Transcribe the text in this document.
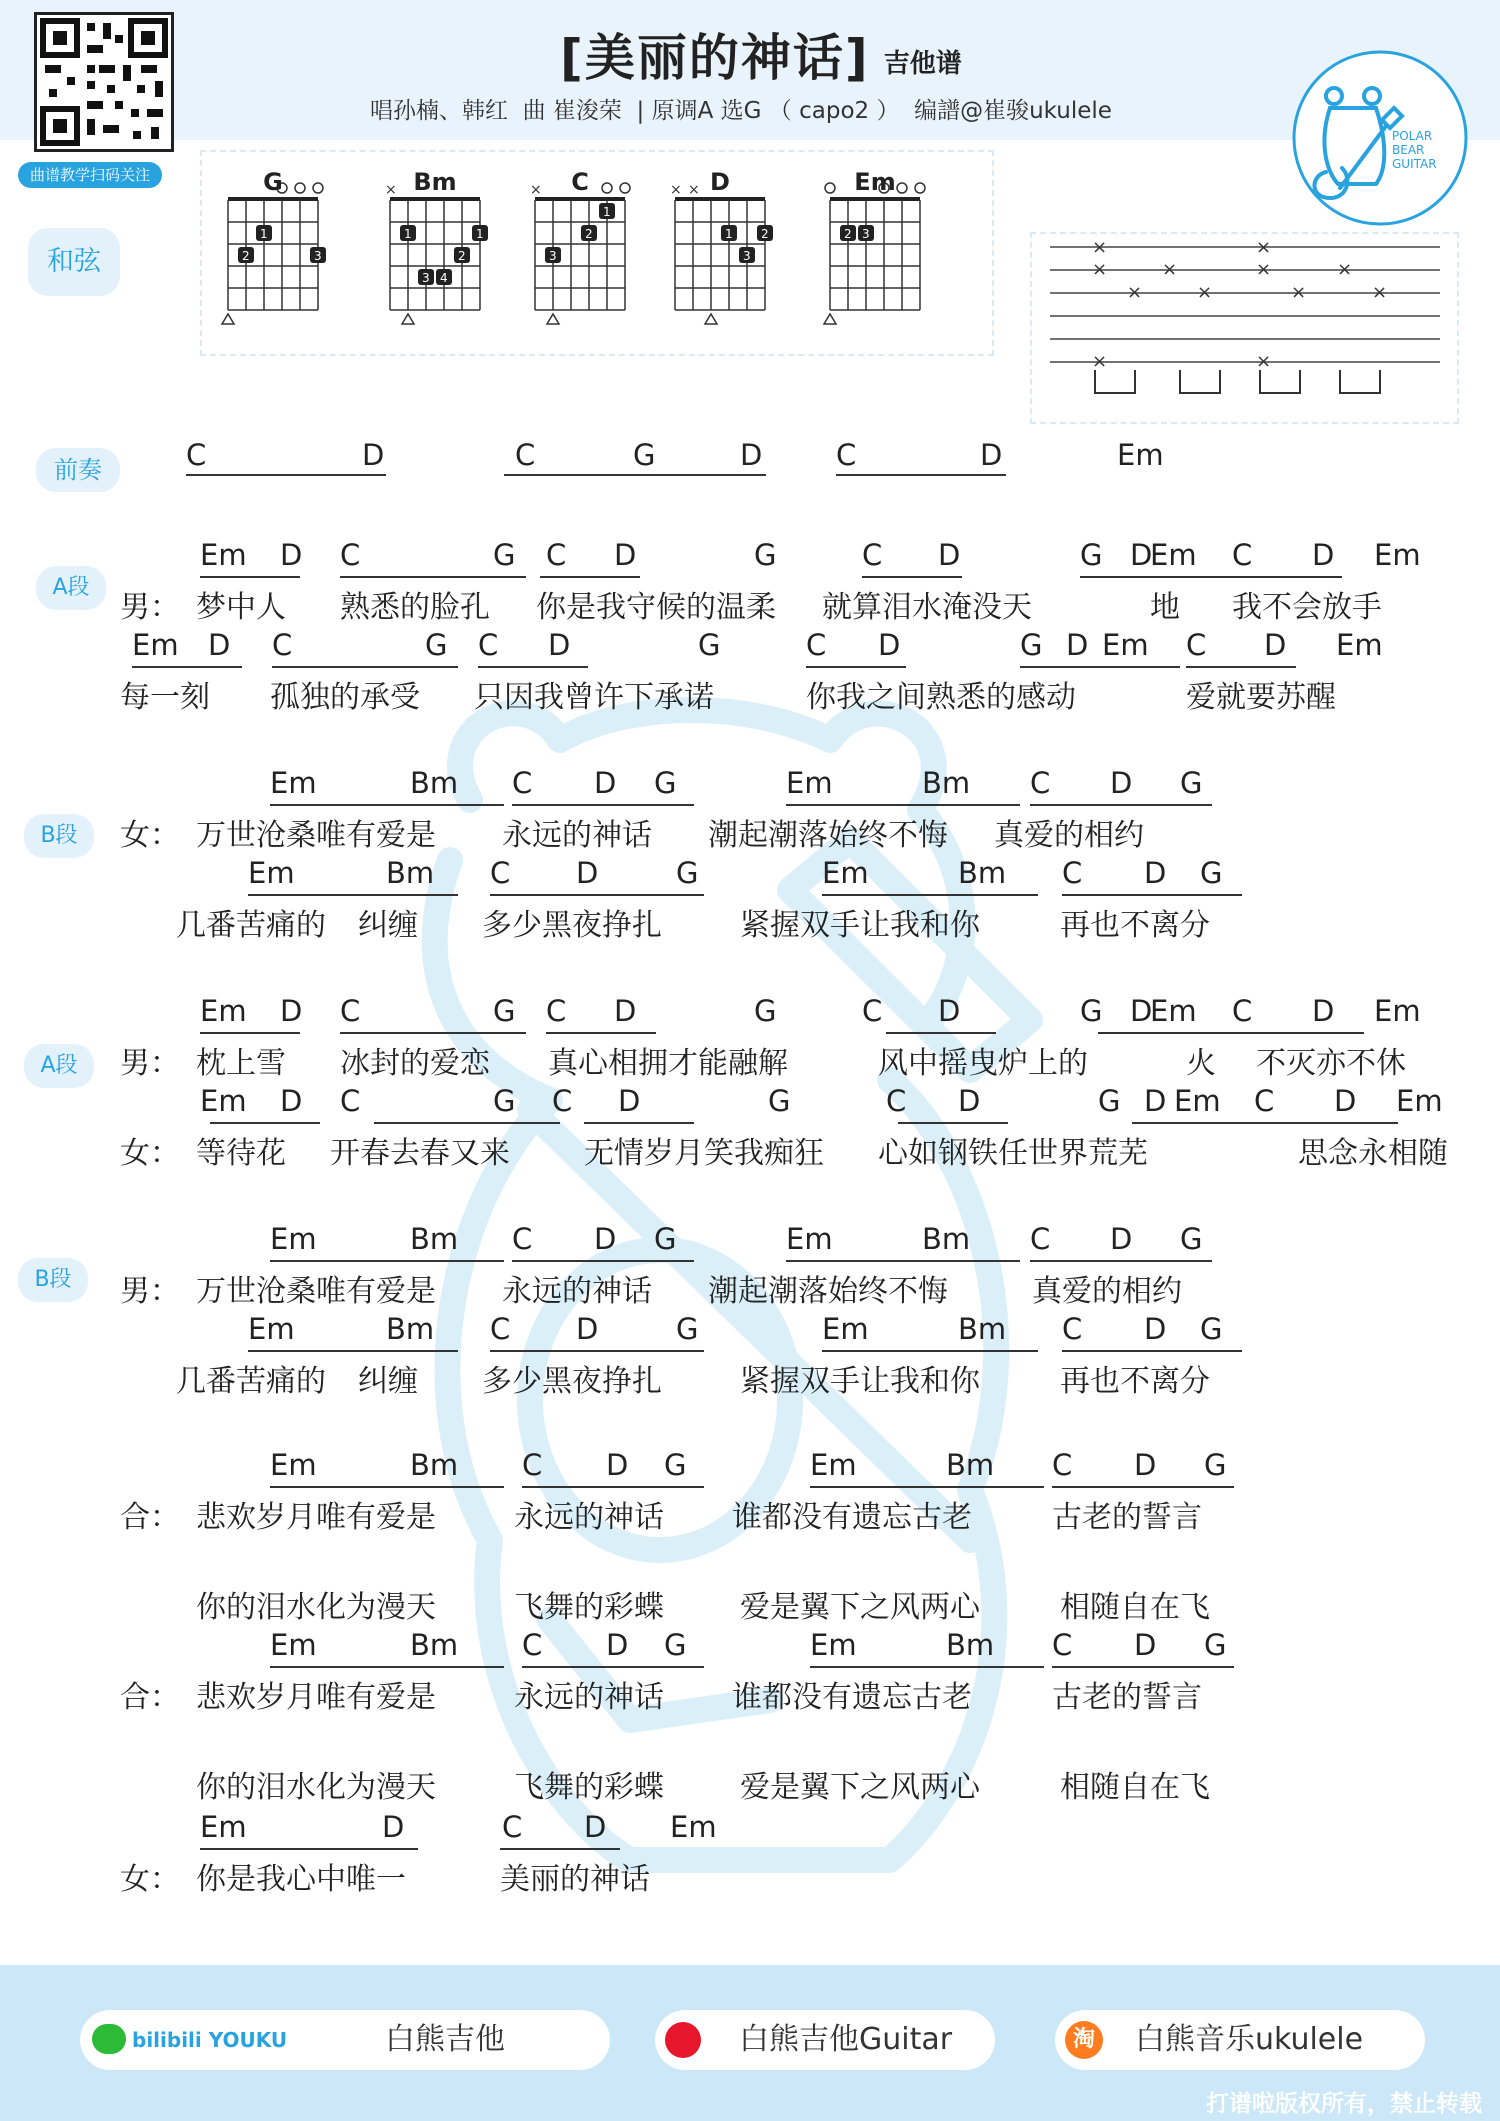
曲谱教学扫码关注
[美丽的神话] 吉他谱
唱孙楠、韩红  曲 崔浚荣  | 原调A 选G （ capo2 ）  编譜@崔骏ukulele
POLAR
BEAR
GUITAR
和弦
G
1
2	3
Bm
×
1	1
2
3 4
C
×
1
2
3
D
× ×
1 2
3
Em
2 3
×
×
×
×
×
×
×
×
×
×
×	×
前奏
A段
B段
A段
B段
C	D	C	G	D	C	D	Em
Em D C	G C D	G	C D	G D
Em C D Em
男： 梦中人 熟悉的脸孔 你是我守候的温柔 就算泪水淹没天	地 我不会放手
Em D C	G C D	G	C D	G D Em C D Em
每一刻 孤独的承受 只因我曾许下承诺	你我之间熟悉的感动	爱就要苏醒
Em	Bm C D G	Em	Bm C D G
女： 万世沧桑唯有爱是 永远的神话 潮起潮落始终不悔 真爱的相约
Em	Bm C D	G	Em	Bm C D G
几番苦痛的 纠缠 多少黑夜挣扎	紧握双手让我和你	再也不离分
Em D C	G C D	G	C D	G D
Em C D Em
男： 枕上雪 冰封的爱恋 真心相拥才能融解	风中摇曳炉上的	火 不灭亦不休
Em D C	G C D	G	C D	G D Em C D Em
女： 等待花 开春去春又来 无情岁月笑我痴狂 心如钢铁任世界荒芜	思念永相随
Em	Bm C D G	Em	Bm C D G
男： 万世沧桑唯有爱是 永远的神话 潮起潮落始终不悔	真爱的相约
Em	Bm C D	G	Em	Bm C D G
几番苦痛的 纠缠 多少黑夜挣扎	紧握双手让我和你	再也不离分
Em	Bm C D G	Em	Bm C D G
合： 悲欢岁月唯有爱是	永远的神话 谁都没有遗忘古老	古老的誓言
你的泪水化为漫天	飞舞的彩蝶	爱是翼下之风两心	相随自在飞
Em	Bm C D G	Em	Bm C D G
合： 悲欢岁月唯有爱是	永远的神话 谁都没有遗忘古老	古老的誓言
你的泪水化为漫天	飞舞的彩蝶	爱是翼下之风两心	相随自在飞
Em	D	C D Em
女： 你是我心中唯一	美丽的神话
bilibili YOUKU	白熊吉他	白熊吉他Guitar	淘 白熊音乐ukulele
打谱啦版权所有，禁止转载
